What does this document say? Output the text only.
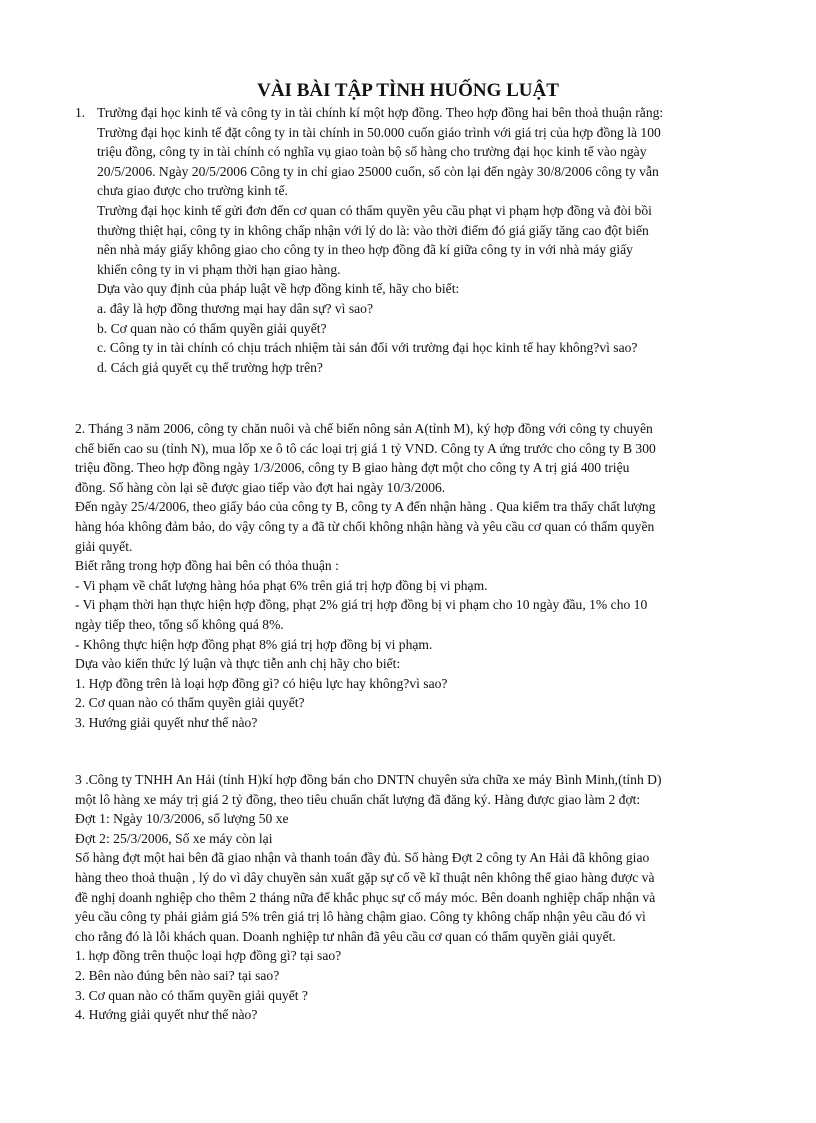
VÀI BÀI TẬP TÌNH HUỐNG LUẬT
1. Trường đại học kinh tế và công ty in tài chính kí một hợp đồng. Theo hợp đồng hai bên thoả thuận rằng:
Trường đại học kinh tế đặt công ty in tài chính in 50.000 cuốn giáo trình với giá trị của hợp đồng là 100
triệu đồng, công ty in tài chính có nghĩa vụ giao toàn bộ số hàng cho trường đại học kinh tế vào ngày
20/5/2006. Ngày 20/5/2006 Công ty in chỉ giao 25000 cuốn, số còn lại đến ngày 30/8/2006 công ty vẫn
chưa giao được cho trường kinh tế.
Trường đại học kinh tế gửi đơn đến cơ quan có thẩm quyền yêu cầu phạt vi phạm hợp đồng và đòi bồi
thường thiệt hại, công ty in không chấp nhận với lý do là: vào thời điểm đó giá giấy tăng cao đột biến
nên nhà máy giấy không giao cho công ty in theo hợp đồng đã kí giữa công ty in với nhà máy giấy
khiến công ty in vi phạm thời hạn giao hàng.
Dựa vào quy định của pháp luật về hợp đồng kinh tế, hãy cho biết:
a. đây là hợp đồng thương mại hay dân sự? vì sao?
b. Cơ quan nào có thẩm quyền giải quyết?
c. Công ty in tài chính có chịu trách nhiệm tài sản đối với trường đại học kinh tế hay không?vì sao?
d. Cách giả quyết cụ thể trường hợp trên?
2. Tháng 3 năm 2006, công ty chăn nuôi và chế biến nông sản A(tỉnh M), ký hợp đồng với công ty chuyên
chế biến cao su (tỉnh N), mua lốp xe ô tô các loại trị giá 1 tỷ VND. Công ty A ứng trước cho công ty B 300
triệu đồng. Theo hợp đồng ngày 1/3/2006, công ty B giao hàng đợt một cho công ty A trị giá 400 triệu
đồng. Số hàng còn lại sẽ được giao tiếp vào đợt hai ngày 10/3/2006.
Đến ngày 25/4/2006, theo giấy báo của công ty B, công ty A đến nhận hàng . Qua kiểm tra thấy chất lượng
hàng hóa không đảm bảo, do vậy công ty a đã từ chối không nhận hàng và yêu cầu cơ quan có thẩm quyền
giải quyết.
Biết rằng trong hợp đồng hai bên có thỏa thuận :
- Vi phạm về chất lượng hàng hóa phạt 6% trên giá trị hợp đồng bị vi phạm.
- Vi phạm thời hạn thực hiện hợp đồng, phạt 2% giá trị hợp đồng bị vi phạm cho 10 ngày đầu, 1% cho 10
ngày tiếp theo, tổng số không quá 8%.
- Không thực hiện hợp đồng phạt 8% giá trị hợp đồng bị vi phạm.
Dựa vào kiến thức lý luận và thực tiễn anh chị hãy cho biết:
1. Hợp đồng trên là loại hợp đồng gì? có hiệu lực hay không?vì sao?
2. Cơ quan nào có thẩm quyền giải quyết?
3. Hướng giải quyết như thế nào?
3 .Công ty TNHH An Hải (tỉnh H)kí hợp đồng bán cho DNTN chuyên sửa chữa xe máy Bình Minh,(tỉnh D)
một lô hàng xe máy trị giá 2 tỷ đồng, theo tiêu chuẩn chất lượng đã đăng ký. Hàng được giao làm 2 đợt:
Đợt 1: Ngày 10/3/2006, số lượng 50 xe
Đợt 2: 25/3/2006, Số xe máy còn lại
Số hàng đợt một hai bên đã giao nhận và thanh toán đầy đủ. Số hàng Đợt 2 công ty An Hải đã không giao
hàng theo thoả thuận , lý do vì dây chuyền sản xuất gặp sự cố về kĩ thuật nên không thể giao hàng được và
đề nghị doanh nghiệp cho thêm 2 tháng nữa để khắc phục sự cố máy móc. Bên doanh nghiệp chấp nhận và
yêu cầu công ty phải giảm giá 5% trên giá trị lô hàng chậm giao. Công ty không chấp nhận yêu cầu đó vì
cho rằng đó là lỗi khách quan. Doanh nghiệp tư nhân đã yêu cầu cơ quan có thẩm quyền giải quyết.
1. hợp đồng trên thuộc loại hợp đồng gì? tại sao?
2. Bên nào đúng bên nào sai? tại sao?
3. Cơ quan nào có thẩm quyền giải quyết ?
4. Hướng giải quyết như thế nào?
